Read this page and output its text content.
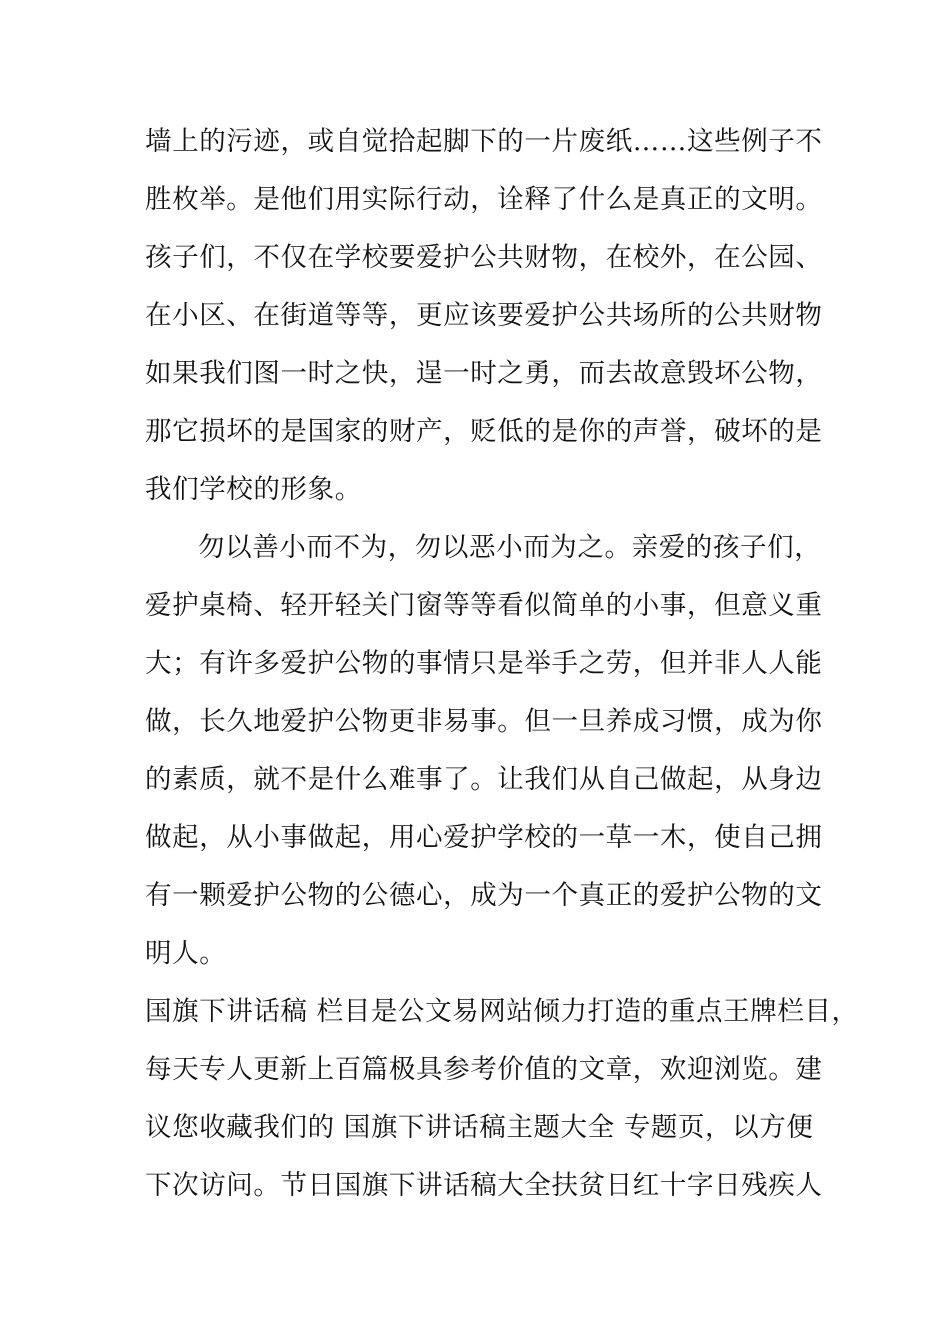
墙上的污迹，或自觉拾起脚下的一片废纸……这些例子不
胜枚举。是他们用实际行动，诠释了什么是真正的文明。
孩子们，不仅在学校要爱护公共财物，在校外，在公园、
在小区、在街道等等，更应该要爱护公共场所的公共财物
如果我们图一时之快，逞一时之勇，而去故意毁坏公物，
那它损坏的是国家的财产，贬低的是你的声誉，破坏的是
我们学校的形象。
勿以善小而不为，勿以恶小而为之。亲爱的孩子们，
爱护桌椅、轻开轻关门窗等等看似简单的小事，但意义重
大；有许多爱护公物的事情只是举手之劳，但并非人人能
做，长久地爱护公物更非易事。但一旦养成习惯，成为你
的素质，就不是什么难事了。让我们从自己做起，从身边
做起，从小事做起，用心爱护学校的一草一木，使自己拥
有一颗爱护公物的公德心，成为一个真正的爱护公物的文
明人。
国旗下讲话稿 栏目是公文易网站倾力打造的重点王牌栏目，
每天专人更新上百篇极具参考价值的文章，欢迎浏览。建
议您收藏我们的 国旗下讲话稿主题大全 专题页，以方便
下次访问。节日国旗下讲话稿大全扶贫日红十字日残疾人
